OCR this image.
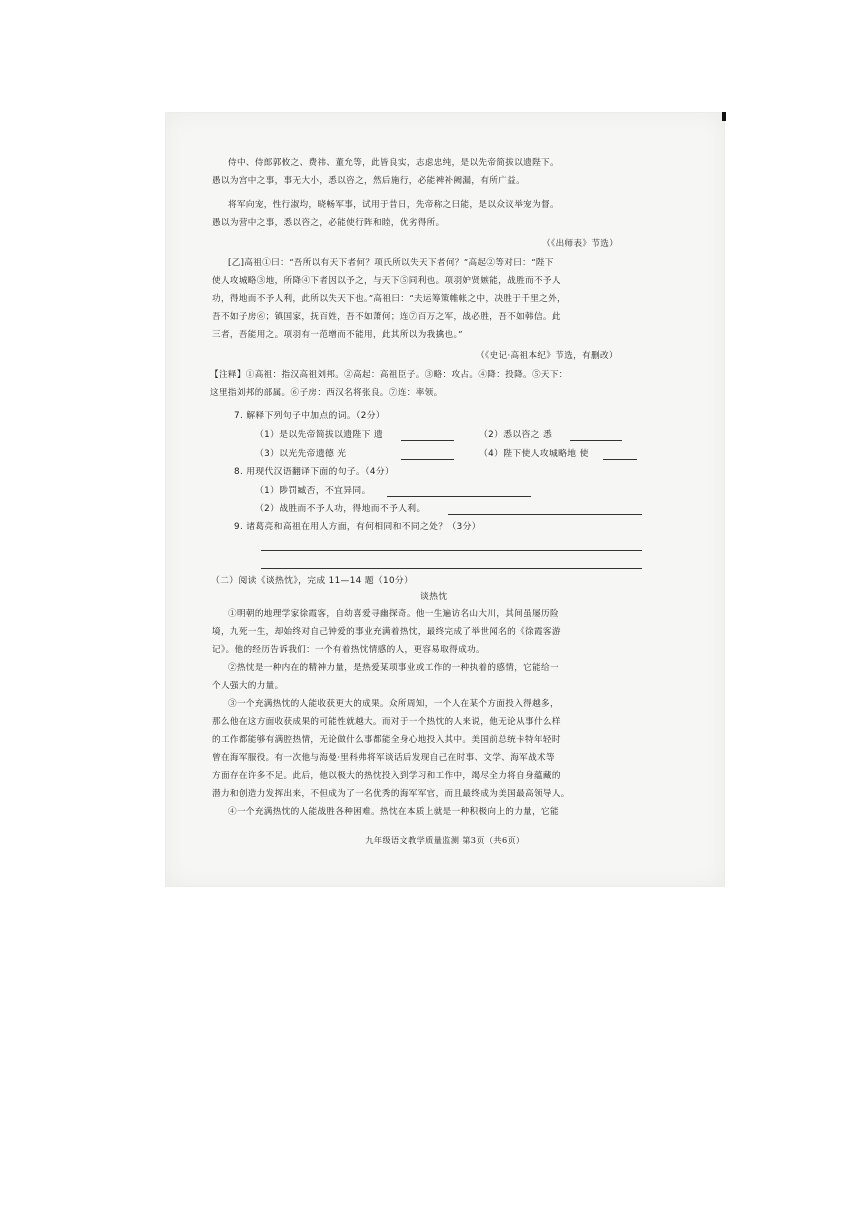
侍中、侍郎郭攸之、费祎、董允等，此皆良实，志虑忠纯，是以先帝简拔以遗陛下。
愚以为宫中之事，事无大小，悉以咨之，然后施行，必能裨补阙漏，有所广益。
将军向宠，性行淑均，晓畅军事，试用于昔日，先帝称之曰能，是以众议举宠为督。
愚以为营中之事，悉以咨之，必能使行阵和睦，优劣得所。
（《出师表》节选）
[乙]高祖①曰：“吾所以有天下者何？项氏所以失天下者何？”高起②等对曰：“陛下
使人攻城略③地，所降④下者因以予之，与天下⑤同利也。项羽妒贤嫉能，战胜而不予人
功，得地而不予人利，此所以失天下也。”高祖曰：“夫运筹策帷帐之中，决胜于千里之外，
吾不如子房⑥；镇国家，抚百姓，吾不如萧何；连⑦百万之军，战必胜，吾不如韩信。此
三者，吾能用之。项羽有一范增而不能用，此其所以为我擒也。”
（《史记·高祖本纪》节选，有删改）
【注释】①高祖：指汉高祖刘邦。②高起：高祖臣子。③略：攻占。④降：投降。⑤天下：
这里指刘邦的部属。⑥子房：西汉名将张良。⑦连：率领。
7. 解释下列句子中加点的词。（2分）
（1）是以先帝简拔以遗陛下 遗	（2）悉以咨之 悉
（3）以光先帝遗德 光	（4）陛下使人攻城略地 使
8. 用现代汉语翻译下面的句子。（4分）
（1）陟罚臧否，不宜异同。
（2）战胜而不予人功，得地而不予人利。
9. 诸葛亮和高祖在用人方面，有何相同和不同之处？（3分）
（二）阅读《谈热忱》，完成 11—14 题（10分）
谈热忱
①明朝的地理学家徐霞客，自幼喜爱寻幽探奇。他一生遍访名山大川，其间虽屡历险
境，九死一生，却始终对自己钟爱的事业充满着热忱，最终完成了举世闻名的《徐霞客游
记》。他的经历告诉我们：一个有着热忱情感的人，更容易取得成功。
②热忱是一种内在的精神力量，是热爱某项事业或工作的一种执着的感情，它能给一
个人强大的力量。
③一个充满热忱的人能收获更大的成果。众所周知，一个人在某个方面投入得越多，
那么他在这方面收获成果的可能性就越大。而对于一个热忱的人来说，他无论从事什么样
的工作都能够有满腔热情，无论做什么事都能全身心地投入其中。美国前总统卡特年轻时
曾在海军服役。有一次他与海曼·里科弗将军谈话后发现自己在时事、文学、海军战术等
方面存在许多不足。此后，他以极大的热忱投入到学习和工作中，竭尽全力将自身蕴藏的
潜力和创造力发挥出来，不但成为了一名优秀的海军军官，而且最终成为美国最高领导人。
④一个充满热忱的人能战胜各种困难。热忱在本质上就是一种积极向上的力量，它能
九年级语文教学质量监测 第3页（共6页）
